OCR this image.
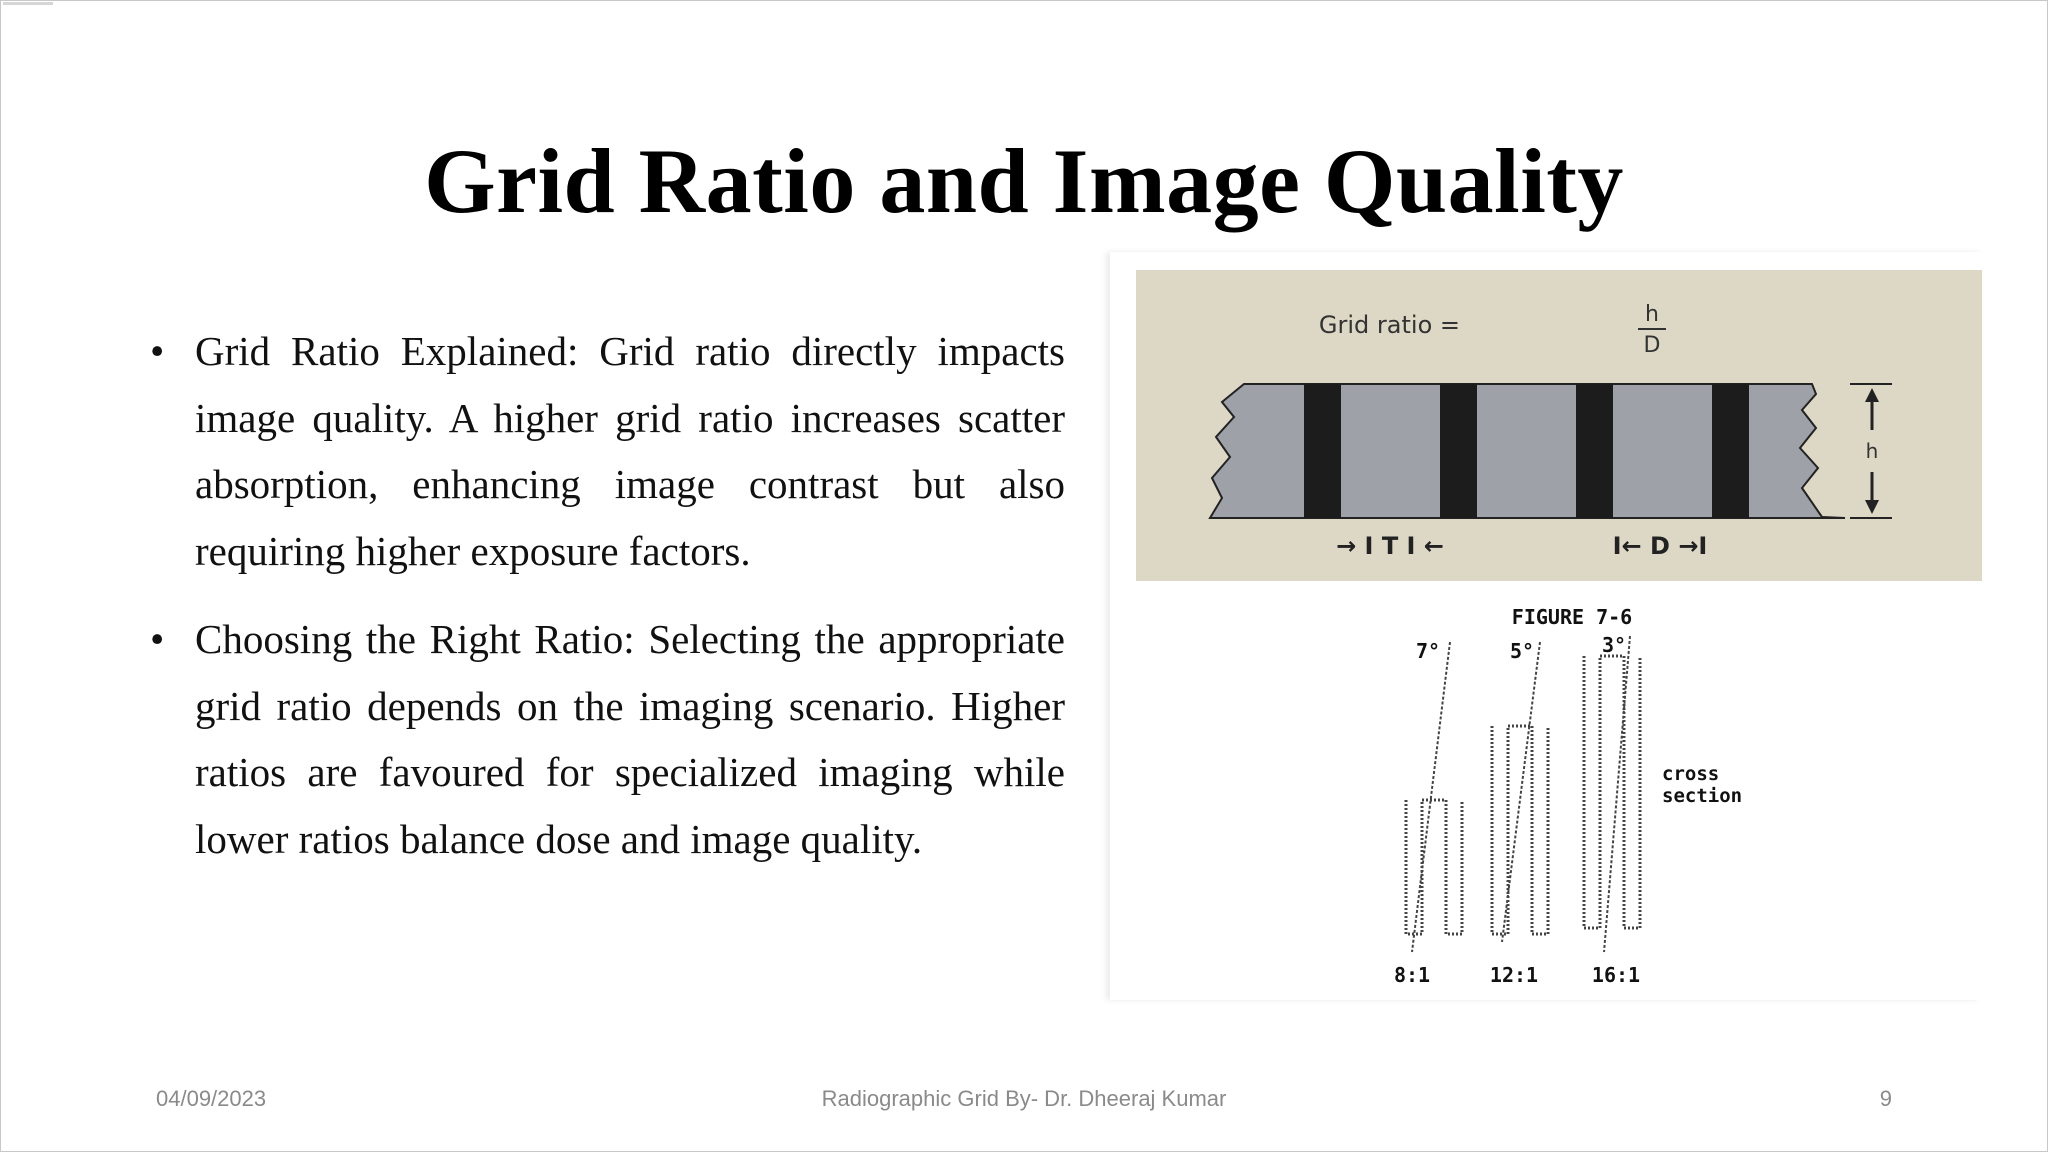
Grid Ratio and Image Quality
• Grid Ratio Explained: Grid ratio directly impacts image quality. A higher grid ratio increases scatter absorption, enhancing image contrast but also requiring higher exposure factors.
• Choosing the Right Ratio: Selecting the appropriate grid ratio depends on the imaging scenario. Higher ratios are favoured for specialized imaging while lower ratios balance dose and image quality.
Grid ratio =	h
D
h
→ I T I ←	I← D →I
FIGURE 7-6
7°	5°	3°
cross
section
8:1	12:1	16:1
04/09/2023	Radiographic Grid By- Dr. Dheeraj Kumar	9
